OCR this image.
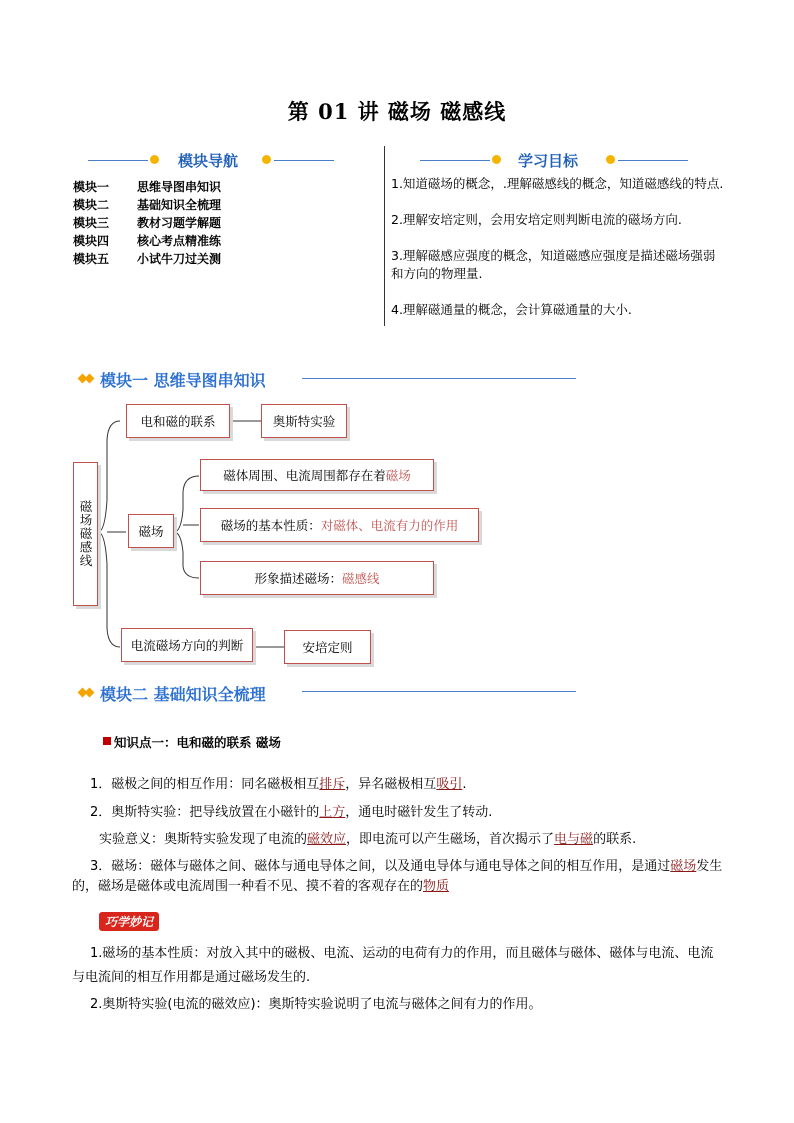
第 01 讲 磁场 磁感线
模块导航
模块一 思维导图串知识
模块二 基础知识全梳理
模块三 教材习题学解题
模块四 核心考点精准练
模块五 小试牛刀过关测
学习目标
1.知道磁场的概念，.理解磁感线的概念，知道磁感线的特点.
2.理解安培定则，会用安培定则判断电流的磁场方向.
3.理解磁感应强度的概念，知道磁感应强度是描述磁场强弱和方向的物理量.
4.理解磁通量的概念，会计算磁通量的大小.
模块一 思维导图串知识
磁场磁感线
电和磁的联系	奥斯特实验
磁场
磁体周围、电流周围都存在着 磁场
磁场的基本性质： 对磁体、电流有力的作用
形象描述磁场： 磁感线
电流磁场方向的判断	安培定则
模块二 基础知识全梳理
知识点一：电和磁的联系 磁场
1．磁极之间的相互作用：同名磁极相互排斥，异名磁极相互吸引.
2．奥斯特实验：把导线放置在小磁针的上方，通电时磁针发生了转动.
实验意义：奥斯特实验发现了电流的磁效应，即电流可以产生磁场，首次揭示了电与磁的联系.
3．磁场：磁体与磁体之间、磁体与通电导体之间，以及通电导体与通电导体之间的相互作用，是通过磁场发生的，磁场是磁体或电流周围一种看不见、摸不着的客观存在的物质
巧学妙记
1.磁场的基本性质：对放入其中的磁极、电流、运动的电荷有力的作用，而且磁体与磁体、磁体与电流、电流与电流间的相互作用都是通过磁场发生的.
2.奥斯特实验(电流的磁效应)：奥斯特实验说明了电流与磁体之间有力的作用。
